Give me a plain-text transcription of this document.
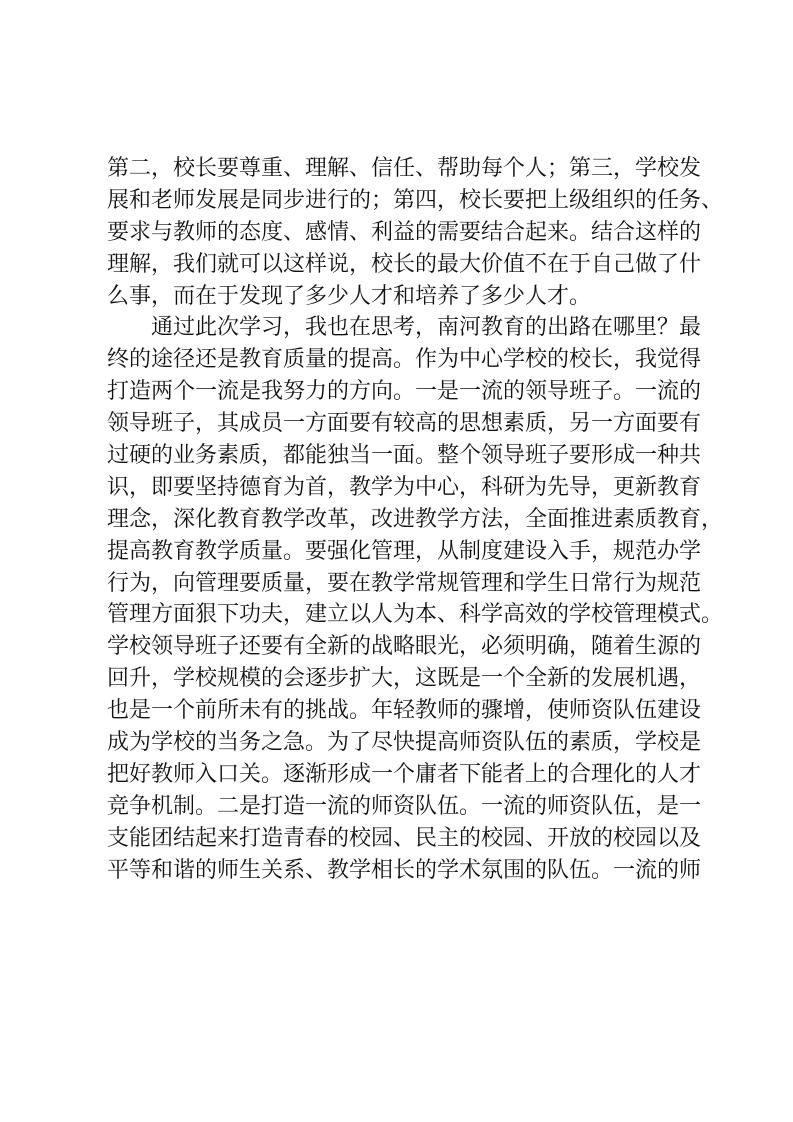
第二，校长要尊重、理解、信任、帮助每个人；第三，学校发
展和老师发展是同步进行的；第四，校长要把上级组织的任务、
要求与教师的态度、感情、利益的需要结合起来。结合这样的
理解，我们就可以这样说，校长的最大价值不在于自己做了什
么事，而在于发现了多少人才和培养了多少人才。
通过此次学习，我也在思考，南河教育的出路在哪里？最
终的途径还是教育质量的提高。作为中心学校的校长，我觉得
打造两个一流是我努力的方向。一是一流的领导班子。一流的
领导班子，其成员一方面要有较高的思想素质，另一方面要有
过硬的业务素质，都能独当一面。整个领导班子要形成一种共
识，即要坚持德育为首，教学为中心，科研为先导，更新教育
理念，深化教育教学改革，改进教学方法，全面推进素质教育，
提高教育教学质量。要强化管理，从制度建设入手，规范办学
行为，向管理要质量，要在教学常规管理和学生日常行为规范
管理方面狠下功夫，建立以人为本、科学高效的学校管理模式。
学校领导班子还要有全新的战略眼光，必须明确，随着生源的
回升，学校规模的会逐步扩大，这既是一个全新的发展机遇，
也是一个前所未有的挑战。年轻教师的骤增，使师资队伍建设
成为学校的当务之急。为了尽快提高师资队伍的素质，学校是
把好教师入口关。逐渐形成一个庸者下能者上的合理化的人才
竞争机制。二是打造一流的师资队伍。一流的师资队伍，是一
支能团结起来打造青春的校园、民主的校园、开放的校园以及
平等和谐的师生关系、教学相长的学术氛围的队伍。一流的师
